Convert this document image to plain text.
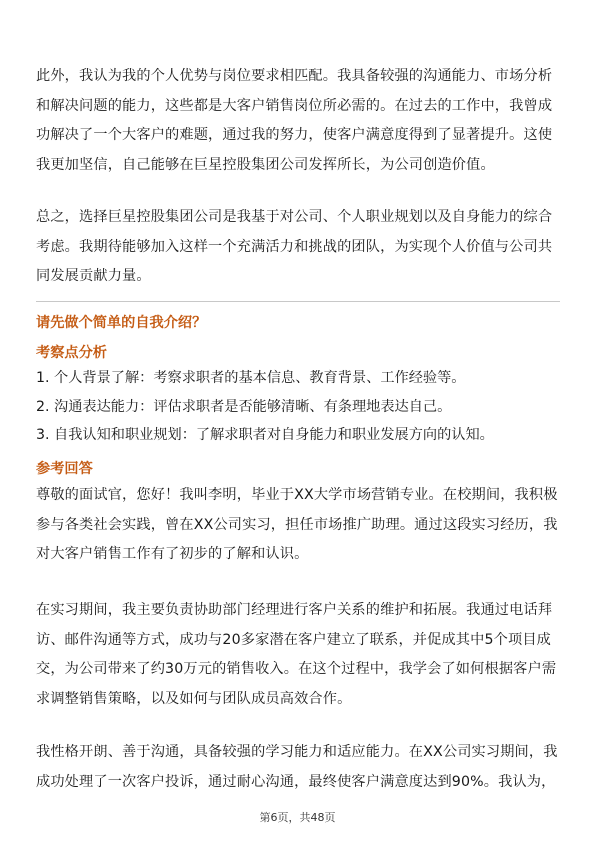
此外，我认为我的个人优势与岗位要求相匹配。我具备较强的沟通能力、市场分析和解决问题的能力，这些都是大客户销售岗位所必需的。在过去的工作中，我曾成功解决了一个大客户的难题，通过我的努力，使客户满意度得到了显著提升。这使我更加坚信，自己能够在巨星控股集团公司发挥所长，为公司创造价值。

总之，选择巨星控股集团公司是我基于对公司、个人职业规划以及自身能力的综合考虑。我期待能够加入这样一个充满活力和挑战的团队，为实现个人价值与公司共同发展贡献力量。

请先做个简单的自我介绍？

考察点分析

1. 个人背景了解：考察求职者的基本信息、教育背景、工作经验等。

2. 沟通表达能力：评估求职者是否能够清晰、有条理地表达自己。

3. 自我认知和职业规划：了解求职者对自身能力和职业发展方向的认知。

参考回答

尊敬的面试官，您好！我叫李明，毕业于XX大学市场营销专业。在校期间，我积极参与各类社会实践，曾在XX公司实习，担任市场推广助理。通过这段实习经历，我对大客户销售工作有了初步的了解和认识。

在实习期间，我主要负责协助部门经理进行客户关系的维护和拓展。我通过电话拜访、邮件沟通等方式，成功与20多家潜在客户建立了联系，并促成其中5个项目成交，为公司带来了约30万元的销售收入。在这个过程中，我学会了如何根据客户需求调整销售策略，以及如何与团队成员高效合作。

我性格开朗、善于沟通，具备较强的学习能力和适应能力。在XX公司实习期间，我成功处理了一次客户投诉，通过耐心沟通，最终使客户满意度达到90%。我认为，

第6页，共48页
